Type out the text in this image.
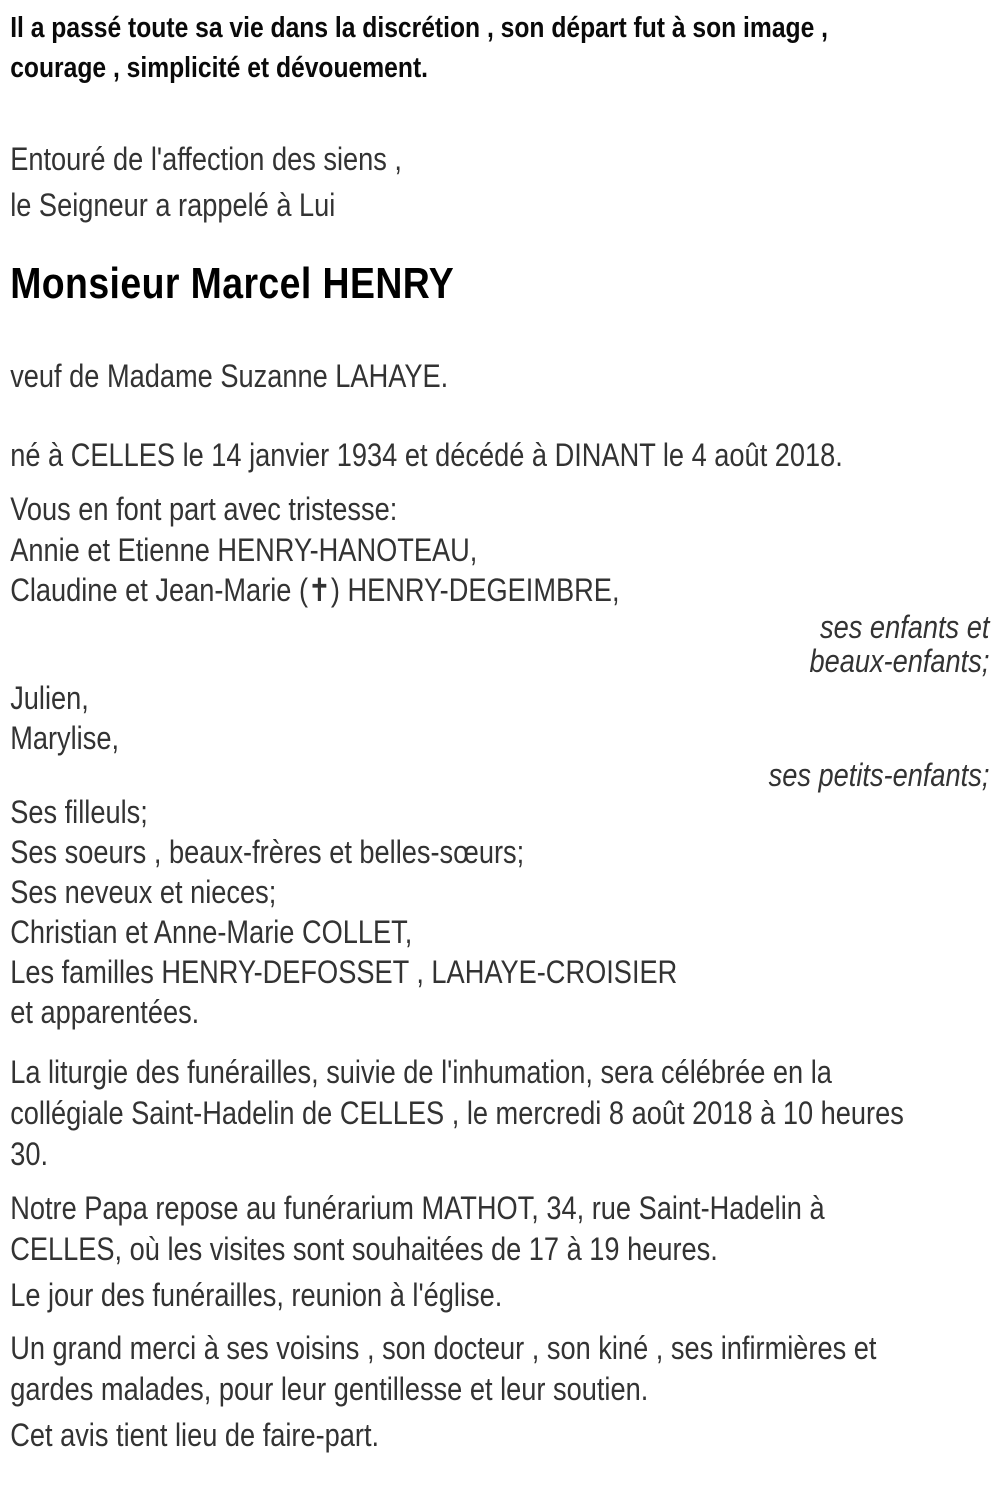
Il a passé toute sa vie dans la discrétion , son départ fut à son image ,
courage , simplicité et dévouement.
Entouré de l'affection des siens ,
le Seigneur a rappelé à Lui
Monsieur Marcel HENRY
veuf de Madame Suzanne LAHAYE.
né à CELLES le 14 janvier 1934 et décédé à DINANT le 4 août 2018.
Vous en font part avec tristesse:
Annie et Etienne HENRY-HANOTEAU,
Claudine et Jean-Marie (✝) HENRY-DEGEIMBRE,
ses enfants et
beaux-enfants;
Julien,
Marylise,
ses petits-enfants;
Ses filleuls;
Ses soeurs , beaux-frères et belles-sœurs;
Ses neveux et nieces;
Christian et Anne-Marie COLLET,
Les familles HENRY-DEFOSSET , LAHAYE-CROISIER
et apparentées.
La liturgie des funérailles, suivie de l'inhumation, sera célébrée en la
collégiale Saint-Hadelin de CELLES , le mercredi 8 août 2018 à 10 heures
30.
Notre Papa repose au funérarium MATHOT, 34, rue Saint-Hadelin à
CELLES, où les visites sont souhaitées de 17 à 19 heures.
Le jour des funérailles, reunion à l'église.
Un grand merci à ses voisins , son docteur , son kiné , ses infirmières et
gardes malades, pour leur gentillesse et leur soutien.
Cet avis tient lieu de faire-part.
